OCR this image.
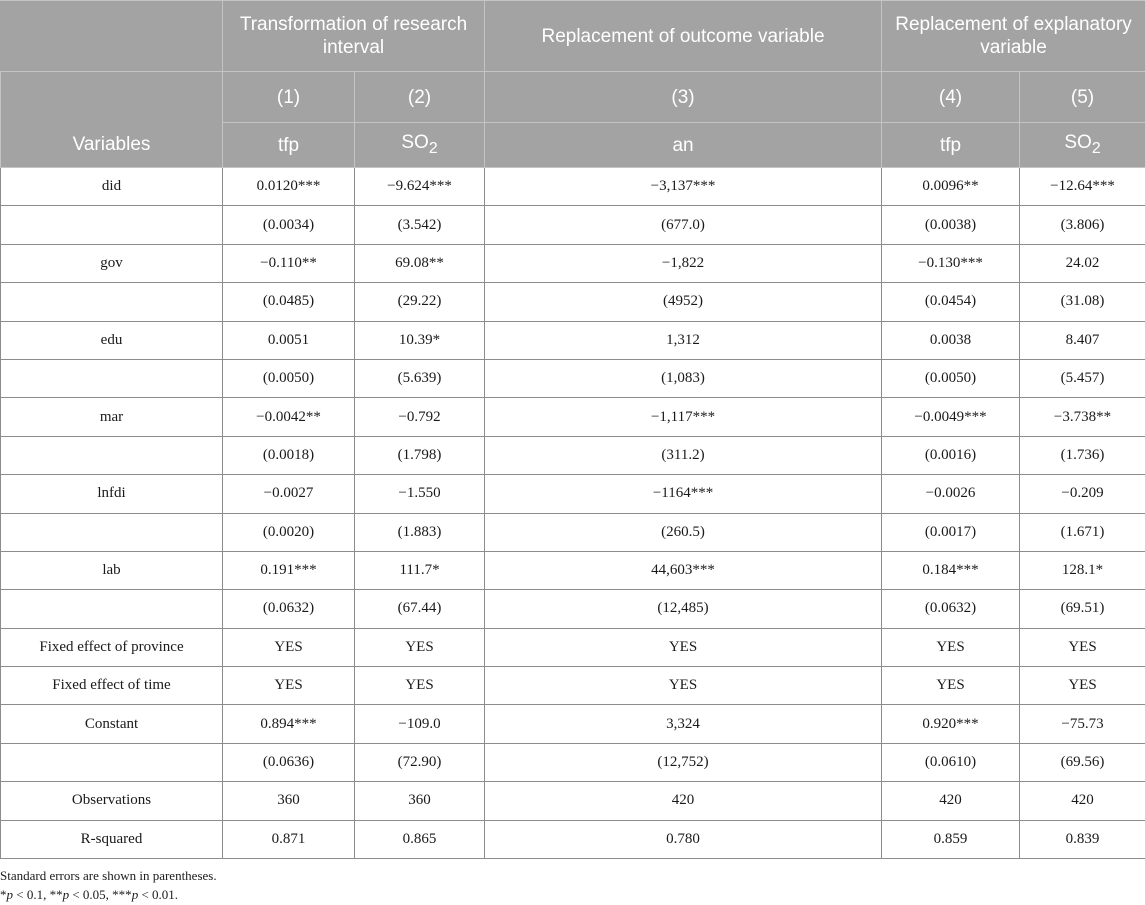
	Transformation of research interval		Replacement of outcome variable	Replacement of explanatory variable	
Variables	(1)	(2)	(3)	(4)	(5)
	tfp	$SO_2$	an	tfp	$SO_2$
did	0.0120***	−9.624***	−3,137***	0.0096**	−12.64***
	(0.0034)	(3.542)	(677.0)	(0.0038)	(3.806)
gov	−0.110**	69.08**	−1,822	−0.130***	24.02
	(0.0485)	(29.22)	(4952)	(0.0454)	(31.08)
edu	0.0051	10.39*	1,312	0.0038	8.407
	(0.0050)	(5.639)	(1,083)	(0.0050)	(5.457)
mar	−0.0042**	−0.792	−1,117***	−0.0049***	−3.738**
	(0.0018)	(1.798)	(311.2)	(0.0016)	(1.736)
lnfdi	−0.0027	−1.550	−1164***	−0.0026	−0.209
	(0.0020)	(1.883)	(260.5)	(0.0017)	(1.671)
lab	0.191***	111.7*	44,603***	0.184***	128.1*
	(0.0632)	(67.44)	(12,485)	(0.0632)	(69.51)
Fixed effect of province	YES	YES	YES	YES	YES
Fixed effect of time	YES	YES	YES	YES	YES
Constant	0.894***	−109.0	3,324	0.920***	−75.73
	(0.0636)	(72.90)	(12,752)	(0.0610)	(69.56)
Observations	360	360	420	420	420
R-squared	0.871	0.865	0.780	0.859	0.839
Standard errors are shown in parentheses.
*p < 0.1, **p < 0.05, ***p < 0.01.
